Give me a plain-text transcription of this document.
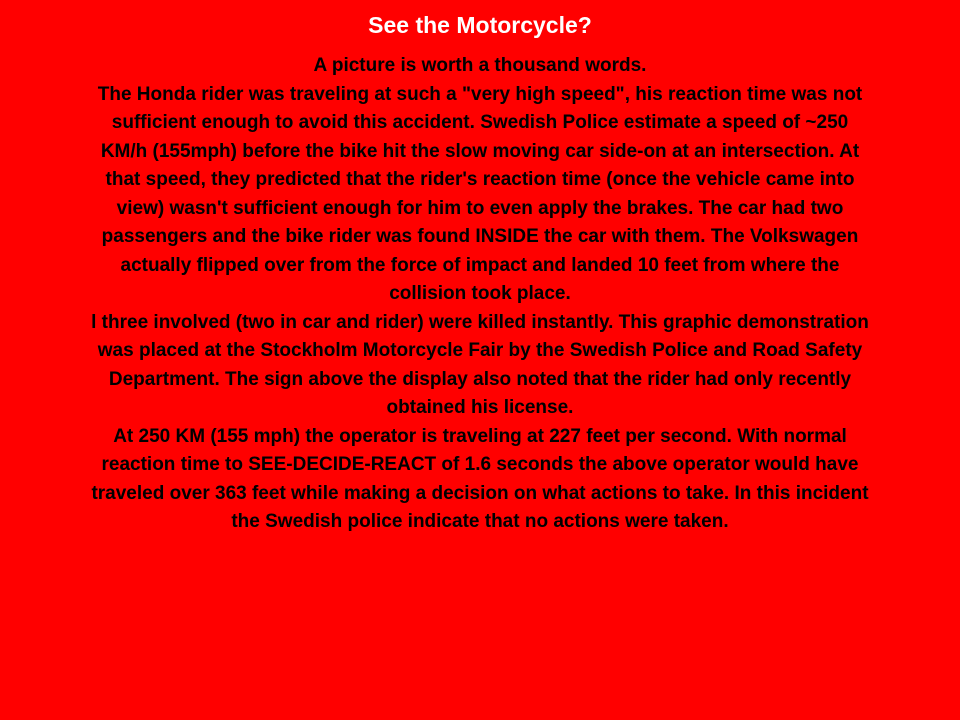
See the Motorcycle?

A picture is worth a thousand words.

The Honda rider was traveling at such a "very high speed", his reaction time was not sufficient enough to avoid this accident. Swedish Police estimate a speed of ~250 KM/h (155mph) before the bike hit the slow moving car side-on at an intersection. At that speed, they predicted that the rider's reaction time (once the vehicle came into view) wasn't sufficient enough for him to even apply the brakes. The car had two passengers and the bike rider was found INSIDE the car with them. The Volkswagen actually flipped over from the force of impact and landed 10 feet from where the collision took place.

l three involved (two in car and rider) were killed instantly. This graphic demonstration was placed at the Stockholm Motorcycle Fair by the Swedish Police and Road Safety Department. The sign above the display also noted that the rider had only recently obtained his license.

At 250 KM (155 mph) the operator is traveling at 227 feet per second. With normal reaction time to SEE-DECIDE-REACT of 1.6 seconds the above operator would have traveled over 363 feet while making a decision on what actions to take. In this incident the Swedish police indicate that no actions were taken.
